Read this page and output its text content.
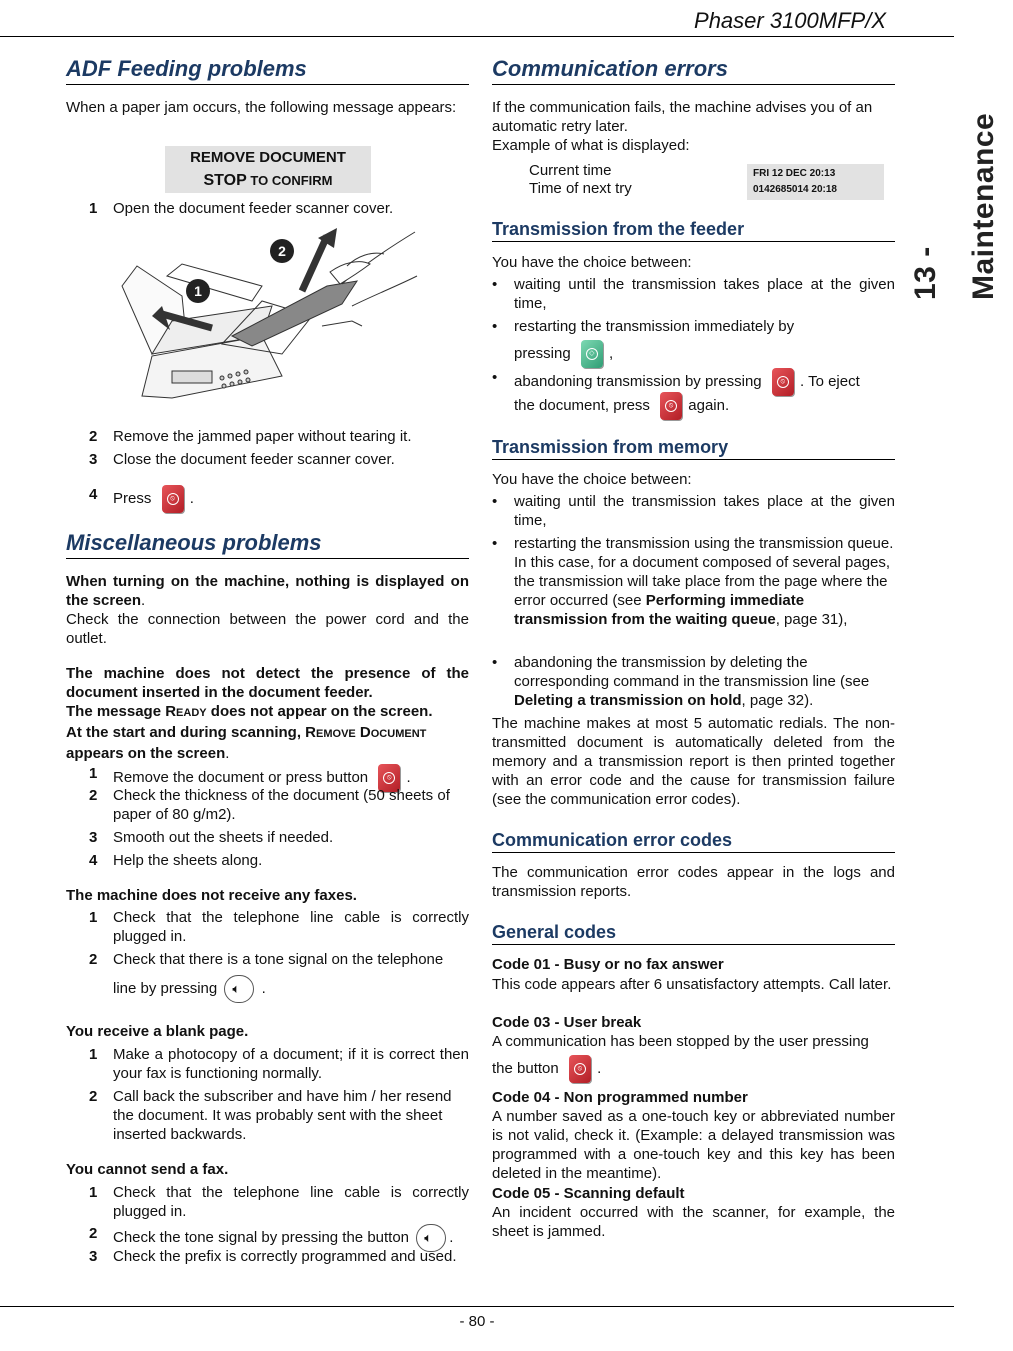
Phaser 3100MFP/X
13 - Maintenance
ADF Feeding problems
When a paper jam occurs, the following message appears:
REMOVE DOCUMENT
STOP TO CONFIRM
1 Open the document feeder scanner cover.
1
2
2 Remove the jammed paper without tearing it.
3 Close the document feeder scanner cover.
4 Press	⦸ .
Miscellaneous problems
When turning on the machine, nothing is displayed on the screen.
Check the connection between the power cord and the outlet.
The machine does not detect the presence of the document inserted in the document feeder.
The message READY does not appear on the screen.
At the start and during scanning, REMOVE DOCUMENT
appears on the screen.
1 Remove the document or press button	⦸ .
2 Check the thickness of the document (50 sheets of paper of 80 g/m2).
3 Smooth out the sheets if needed.
4 Help the sheets along.
The machine does not receive any faxes.
1 Check that the telephone line cable is correctly plugged in.
2 Check that there is a tone signal on the telephone
line by pressing 🔈︎ .
You receive a blank page.
1 Make a photocopy of a document; if it is correct then your fax is functioning normally.
2 Call back the subscriber and have him / her resend the document. It was probably sent with the sheet inserted backwards.
You cannot send a fax.
1 Check that the telephone line cable is correctly plugged in.
2 Check the tone signal by pressing the button 🔈︎ .
3 Check the prefix is correctly programmed and used.
Communication errors
If the communication fails, the machine advises you of an automatic retry later.
Example of what is displayed:
Current time
Time of next try
FRI 12 DEC 20:13
0142685014 20:18
Transmission from the feeder
You have the choice between:
• waiting until the transmission takes place at the given time,
• restarting the transmission immediately by
pressing	◇ ,
• abandoning transmission by pressing	⦸ . To eject
the document, press	⦸ again.
Transmission from memory
You have the choice between:
• waiting until the transmission takes place at the given time,
• restarting the transmission using the transmission queue. In this case, for a document composed of several pages, the transmission will take place from the page where the error occurred (see Performing immediate transmission from the waiting queue, page 31),
• abandoning the transmission by deleting the corresponding command in the transmission line (see Deleting a transmission on hold, page 32).
The machine makes at most 5 automatic redials. The non-transmitted document is automatically deleted from the memory and a transmission report is then printed together with an error code and the cause for transmission failure (see the communication error codes).
Communication error codes
The communication error codes appear in the logs and transmission reports.
General codes
Code 01 - Busy or no fax answer
This code appears after 6 unsatisfactory attempts. Call later.
Code 03 - User break
A communication has been stopped by the user pressing
the button	⦸ .
Code 04 - Non programmed number
A number saved as a one-touch key or abbreviated number is not valid, check it. (Example: a delayed transmission was programmed with a one-touch key and this key has been deleted in the meantime).
Code 05 - Scanning default
An incident occurred with the scanner, for example, the sheet is jammed.
- 80 -
